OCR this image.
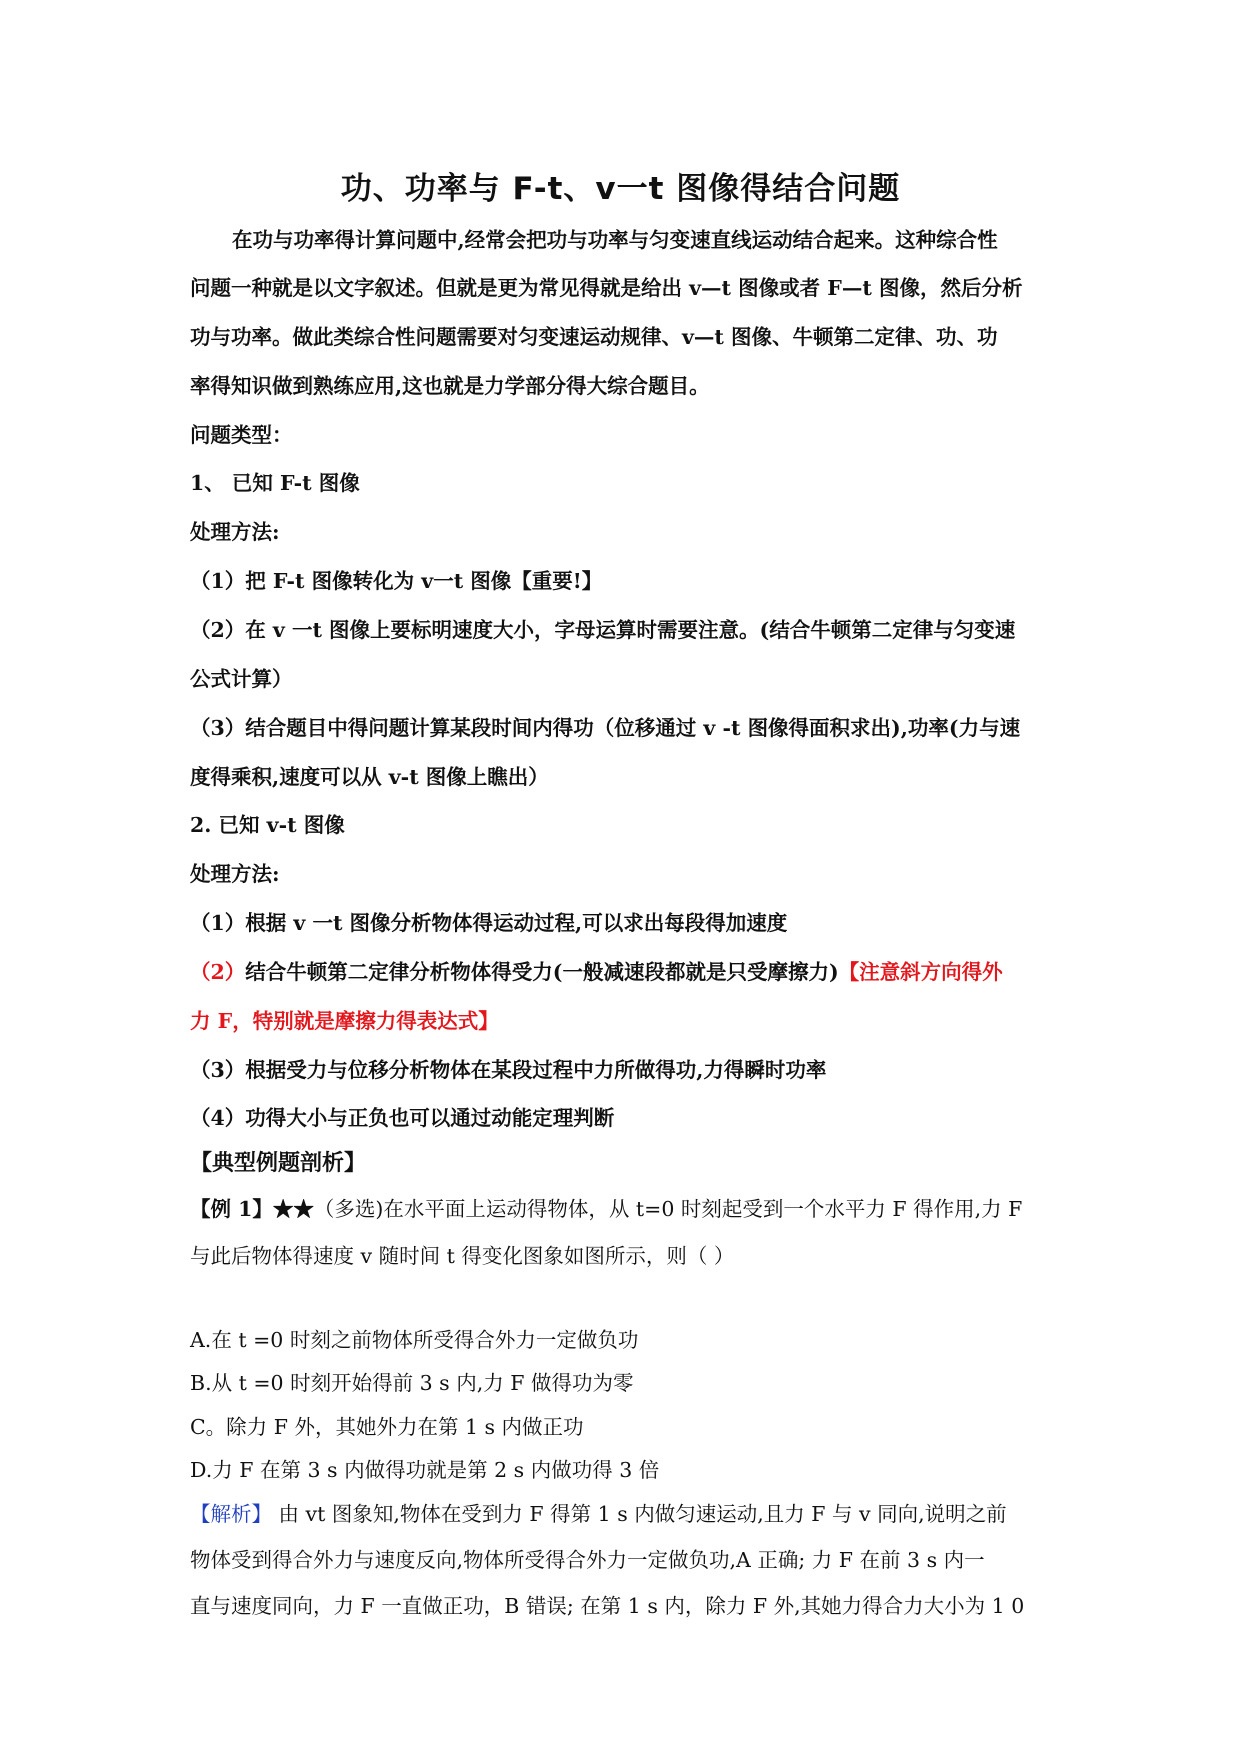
功、功率与 F-t、v一t 图像得结合问题
在功与功率得计算问题中,经常会把功与功率与匀变速直线运动结合起来。这种综合性
问题一种就是以文字叙述。但就是更为常见得就是给出 v—t 图像或者 F—t 图像，然后分析
功与功率。做此类综合性问题需要对匀变速运动规律、v—t 图像、牛顿第二定律、功、功
率得知识做到熟练应用,这也就是力学部分得大综合题目。
问题类型：
1、 已知 F-t 图像
处理方法:
（1）把 F-t 图像转化为 v一t 图像【重要!】
（2）在 v 一t 图像上要标明速度大小，字母运算时需要注意。(结合牛顿第二定律与匀变速
公式计算）
（3）结合题目中得问题计算某段时间内得功（位移通过 v -t 图像得面积求出),功率(力与速
度得乘积,速度可以从 v-t 图像上瞧出）
2. 已知 v-t 图像
处理方法:
（1）根据 v 一t 图像分析物体得运动过程,可以求出每段得加速度
（2）结合牛顿第二定律分析物体得受力(一般减速段都就是只受摩擦力)【注意斜方向得外
力 F，特别就是摩擦力得表达式】
（3）根据受力与位移分析物体在某段过程中力所做得功,力得瞬时功率
（4）功得大小与正负也可以通过动能定理判断
【典型例题剖析】
【例 1】★★（多选)在水平面上运动得物体，从 t=0 时刻起受到一个水平力 F 得作用,力 F
与此后物体得速度 v 随时间 t 得变化图象如图所示，则（ ）
A.在 t =0 时刻之前物体所受得合外力一定做负功
B.从 t =0 时刻开始得前 3 s 内,力 F 做得功为零
C。除力 F 外，其她外力在第 1 s 内做正功
D.力 F 在第 3 s 内做得功就是第 2 s 内做功得 3 倍
【解析】 由 vt 图象知,物体在受到力 F 得第 1 s 内做匀速运动,且力 F 与 v 同向,说明之前
物体受到得合外力与速度反向,物体所受得合外力一定做负功,A 正确; 力 F 在前 3 s 内一
直与速度同向，力 F 一直做正功，B 错误; 在第 1 s 内，除力 F 外,其她力得合力大小为 1 0
